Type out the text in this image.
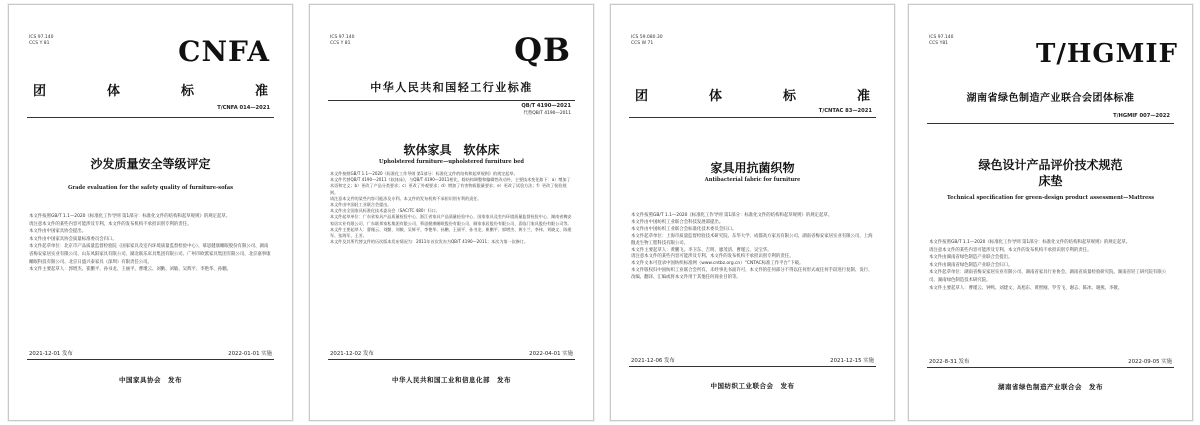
ICS 97.140
CCS Y 81	CNFA
团	体	标	准
T/CNFA 014—2021
沙发质量安全等级评定
Grade evaluation for the safety quality of furniture-sofas

本文件按照GB/T 1.1—2020《标准化工作导则 第1部分：标准化文件的结构和起草规则》的规定起草。

请注意本文件的某些内容可能涉及专利。本文件的发布机构不承担识别专利的责任。

本文件由中国家具协会提出。

本文件由中国家具协会质量标准委员会归口。

本文件起草单位：北京市产品质量监督检验院（国家家具及室内环境质量监督检验中心）、慕思健康睡眠股份有限公司、湖南省梅安家居实业有限公司、山东凤阳家具有限公司、湖北联乐床具集团有限公司、广州市欧派家具集团有限公司、北京嘉事康睡眠科技有限公司、北京日盛兴泰家具（深圳）有限责任公司。

本文件主要起草人：郭增杰、崔鹏平、孙书龙、王丽平、曹瑾云、刘勤、刘敏、吴辉平、李艳华、孙鹏。

2021-12-01 发布	2022-01-01 实施
中国家具协会　发布
ICS 97.140
CCS Y 81	QB
中华人民共和国轻工行业标准
QB/T 4190—2021
代替QB/T 4190—2011
软体家具　软体床
Upholstered furniture—upholstered furniture bed

本文件按照GB/T 1.1—2020《标准化工作导则 第1部分：标准化文件的结构和起草规则》的规定起草。

本文件代替QB/T 4190—2011《软体床》，与QB/T 4190—2011相比，除结构调整和编辑性改动外，主要技术变化如下：a）增加了术语和定义；b）更改了产品分类要求；c）更改了外观要求；d）增加了有害物质限量要求；e）更改了试验方法；f）更改了检验规则。

请注意本文件的某些内容可能涉及专利。本文件的发布机构不承担识别专利的责任。

本文件由中国轻工业联合会提出。

本文件由全国家具标准化技术委员会（SAC/TC 480）归口。

本文件起草单位：广东省家具产品质量检验中心、浙江省家具产品质量检验中心、国家家具及室内环境质量监督检验中心、湖南省梅安家居实业有限公司、广东联邦家私集团有限公司、慕思健康睡眠股份有限公司、顾家家居股份有限公司、喜临门家具股份有限公司等。

本文件主要起草人：曹瑾云、刘勤、刘敏、吴辉平、李艳华、孙鹏、王丽平、孙书龙、崔鹏平、郭增杰、黄小兰、李伟、刘晓文、陈建军、张海军、王芳。

本文件及其所代替文件的历次版本发布情况为：2011年首次发布为QB/T 4190—2011；本次为第一次修订。

2021-12-02 发布	2022-04-01 实施
中华人民共和国工业和信息化部　发布
ICS 59.080.30
CCS W 71
团	体	标	准
T/CNTAC 83—2021
家具用抗菌织物
Antibacterial fabric for furniture

本文件按照GB/T 1.1—2020《标准化工作导则 第1部分：标准化文件的结构和起草规则》的规定起草。

本文件由中国纺织工业联合会科技发展部提出。

本文件由中国纺织工业联合会标准化技术委员会归口。

本文件起草单位：上海市质量监督检验技术研究院、东华大学、成都高方家具有限公司、湖南省梅安家居实业有限公司、上海傲龙生物工程科技有限公司。

本文件主要起草人：黄鹏飞、李卫东、吉明、廖茂清、曹瑾云、吴宝华。

请注意本文件的某些内容可能涉及专利。本文件的发布机构不承担识别专利的责任。

本文件文本可登录中国纺织标准网（www.cntbz.org.cn）“CNTAC标准工作平台”下载。

本文件版权归中国纺织工业联合会所有。未经事先书面许可，本文件的任何部分不得以任何形式或任何手段进行复制、发行、改编、翻译、汇编或将本文件用于其他任何商业目的等。

2021-12-06 发布	2021-12-15 实施
中国纺织工业联合会　发布
ICS 97.140
CCS Y81	T/HGMIF
湖南省绿色制造产业联合会团体标准
T/HGMIF 007—2022
绿色设计产品评价技术规范
床垫
Technical specification for green-design product assessment—Mattress

本文件按照GB/T 1.1—2020《标准化工作导则 第1部分：标准化文件的结构和起草规则》的规定起草。

请注意本文件的某些内容可能涉及专利。本文件的发布机构不承担识别专利的责任。

本文件由湖南省绿色制造产业联合会提出。

本文件由湖南省绿色制造产业联合会归口。

本文件起草单位：湖南省梅安家居实业有限公司、湖南省家具行业协会、湖南省质量检验研究院、湖南省轻工研究院有限公司、湖南绿色制造技术研究院。

本文件主要起草人：曹瑾云、钟鸣、刘建文、高旭东、黄智刚、罗雪飞、谢志、陈冰、谢燕、李敬。

2022-8-31 发布	2022-09-05 实施
湖南省绿色制造产业联合会　发布
